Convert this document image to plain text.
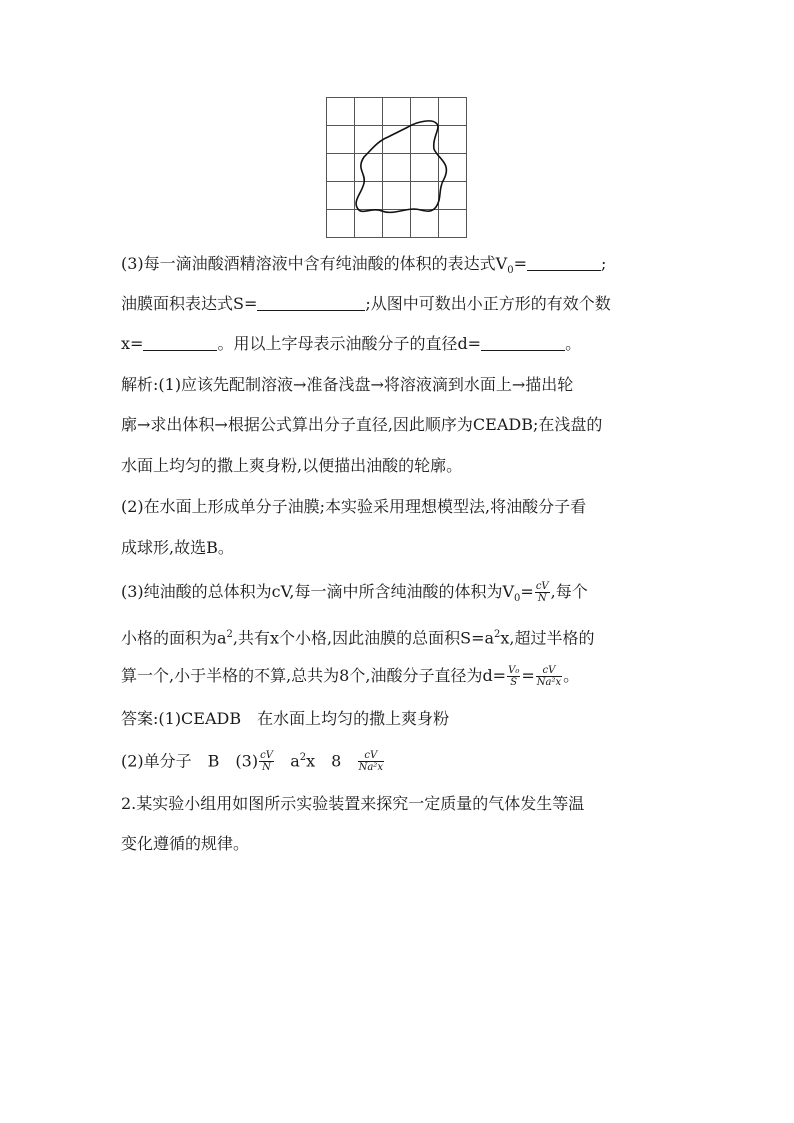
(3)每一滴油酸酒精溶液中含有纯油酸的体积的表达式$V_0=$	;
油膜面积表达式S=	;从图中可数出小正方形的有效个数
x=	。用以上字母表示油酸分子的直径d=	。
解析:(1)应该先配制溶液→准备浅盘→将溶液滴到水面上→描出轮
廓→求出体积→根据公式算出分子直径,因此顺序为CEADB;在浅盘的
水面上均匀的撒上爽身粉,以便描出油酸的轮廓。
(2)在水面上形成单分子油膜;本实验采用理想模型法,将油酸分子看
成球形,故选B。
(3)纯油酸的总体积为cV,每一滴中所含纯油酸的体积为$V_0= \frac{cV}{N}$ ,每个
小格的面积为$a^2$,共有x个小格,因此油膜的总面积$S=a^2x$,超过半格的
算一个,小于半格的不算,总共为8个,油酸分子直径为$d= \frac{\text{V₀}}{S} = \frac{cV}{\text{Na²x}}$ 。
答案:(1)CEADB　在水面上均匀的撒上爽身粉
(2)单分子　B　$(3) \frac{cV}{N} a^2x$　$8 \frac{cV}{\text{Na²x}}$
2.某实验小组用如图所示实验装置来探究一定质量的气体发生等温
变化遵循的规律。
